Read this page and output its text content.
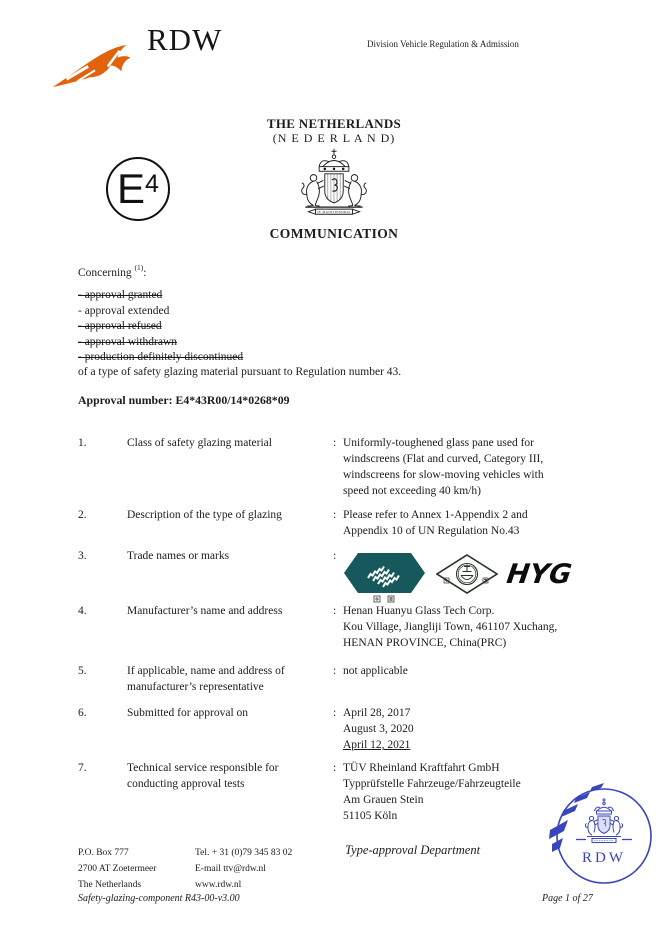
RDW	Division Vehicle Regulation & Admission
THE NETHERLANDS
(N E D E R L A N D)
E 4
JE MAINTIENDRAI
COMMUNICATION
Concerning $^{(1)}$:
- approval granted
- approval extended
- approval refused
- approval withdrawn
- production definitely discontinued
of a type of safety glazing material pursuant to Regulation number 43.
Approval number: E4*43R00/14*0268*09
1.	Class of safety glazing material	: Uniformly-toughened glass pane used for
windscreens (Flat and curved, Category III,
windscreens for slow-moving vehicles with
speed not exceeding 40 km/h)
2.	Description of the type of glazing	: Please refer to Annex 1-Appendix 2 and
Appendix 10 of UN Regulation No.43
3.	Trade names or marks	:
HYG
4.	Manufacturer’s name and address	: Henan Huanyu Glass Tech Corp.
Kou Village, Jiangliji Town, 461107 Xuchang,
HENAN PROVINCE, China(PRC)
5.	If applicable, name and address of
manufacturer’s representative
: not applicable
6.	Submitted for approval on	: April 28, 2017
August 3, 2020
April 12, 2021
7.	Technical service responsible for
conducting approval tests
: TÜV Rheinland Kraftfahrt GmbH
Typprüfstelle Fahrzeuge/Fahrzeugteile
Am Grauen Stein
51105 Köln
RDW
P.O. Box 777
2700 AT Zoetermeer
The Netherlands
Tel. + 31 (0)79 345 83 02
E-mail ttv@rdw.nl
www.rdw.nl
Type-approval Department
Safety-glazing-component R43-00-v3.00	Page 1 of 27
